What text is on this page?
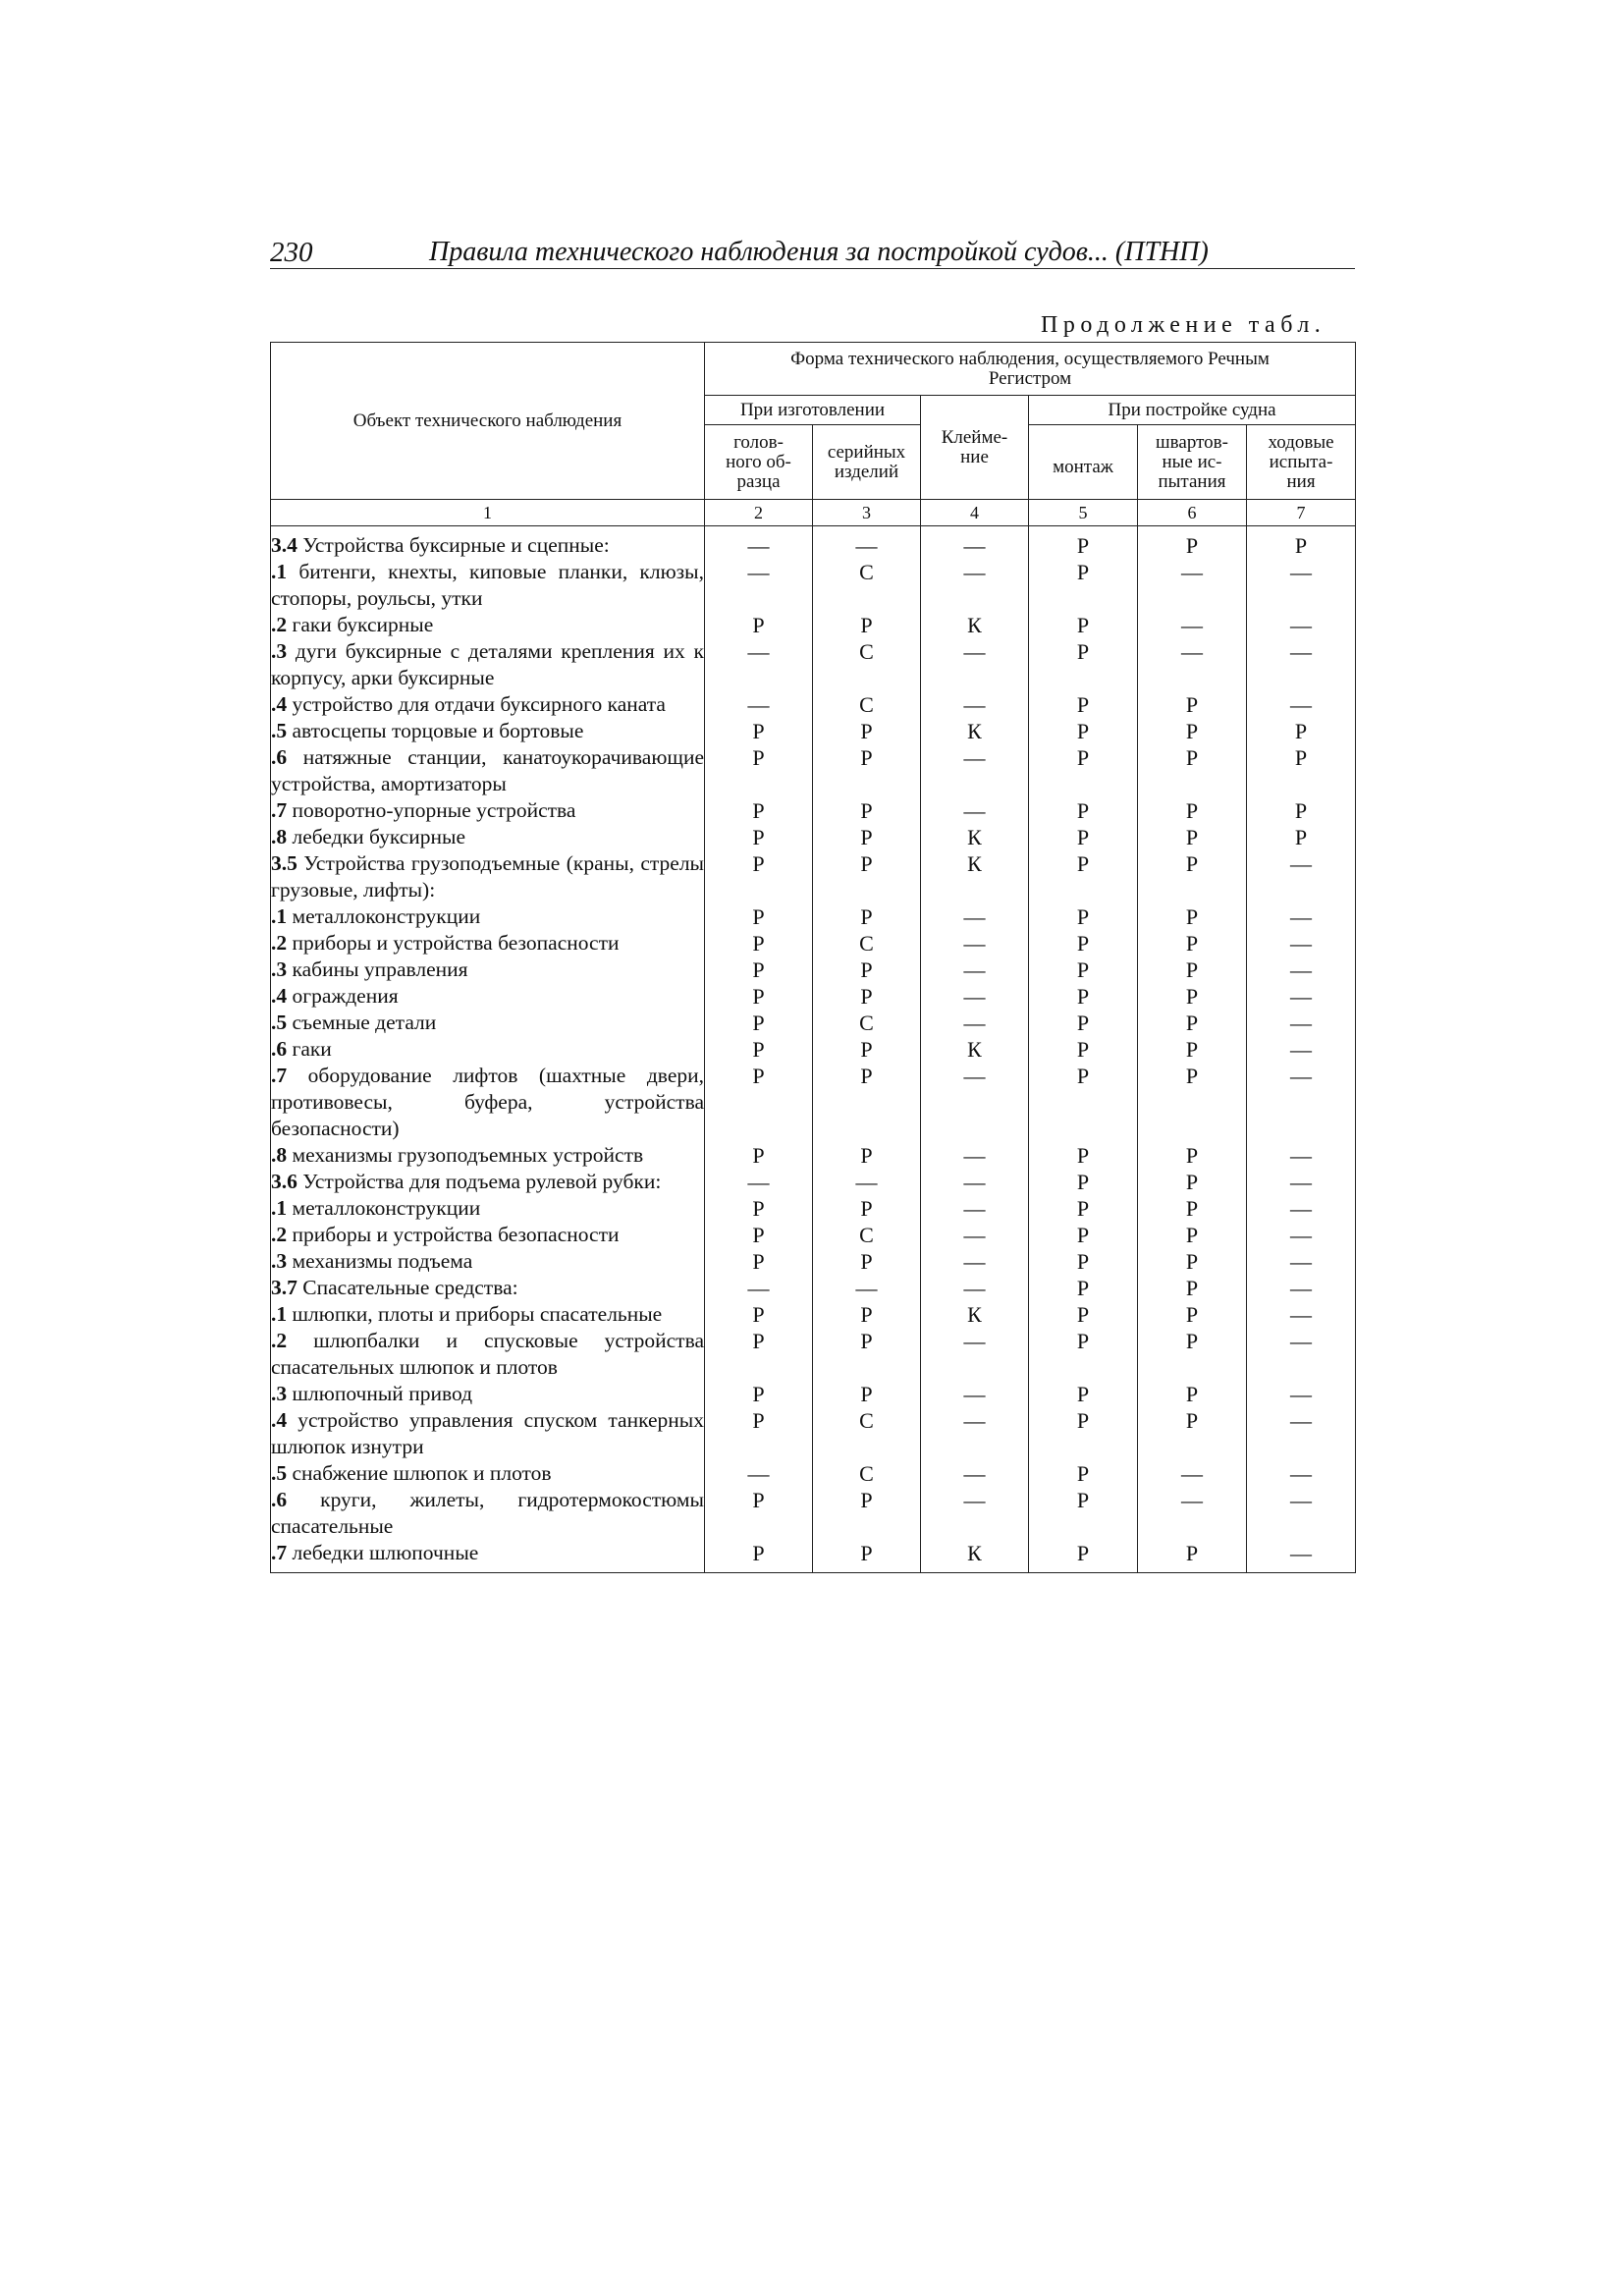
230	Правила технического наблюдения за постройкой судов... (ПТНП)
Продолжение табл.
Объект технического наблюдения	Форма технического наблюдения, осуществляемого Речным Регистром					
	При изготовлении		Клейме-ние	При постройке судна		
	голов-ного об-разца	серийных изделий		монтаж	швартов-ные ис-пытания	ходовые испыта-ния
1	2	3	4	5	6	7
3.4 Устройства буксирные и сцепные:	—	—	—	Р	Р	Р
.1 битенги, кнехты, киповые планки, клюзы, стопоры, роульсы, утки	—	С	—	Р	—	—
.2 гаки буксирные	Р	Р	К	Р	—	—
.3 дуги буксирные с деталями крепления их к корпусу, арки буксирные	—	С	—	Р	—	—
.4 устройство для отдачи буксирного каната	—	С	—	Р	Р	—
.5 автосцепы торцовые и бортовые	Р	Р	К	Р	Р	Р
.6 натяжные станции, канатоукорачивающие устройства, амортизаторы	Р	Р	—	Р	Р	Р
.7 поворотно-упорные устройства	Р	Р	—	Р	Р	Р
.8 лебедки буксирные	Р	Р	К	Р	Р	Р
3.5 Устройства грузоподъемные (краны, стрелы грузовые, лифты):	Р	Р	К	Р	Р	—
.1 металлоконструкции	Р	Р	—	Р	Р	—
.2 приборы и устройства безопасности	Р	С	—	Р	Р	—
.3 кабины управления	Р	Р	—	Р	Р	—
.4 ограждения	Р	Р	—	Р	Р	—
.5 съемные детали	Р	С	—	Р	Р	—
.6 гаки	Р	Р	К	Р	Р	—
.7 оборудование лифтов (шахтные двери, противовесы, буфера, устройства безопасности)	Р	Р	—	Р	Р	—
.8 механизмы грузоподъемных устройств	Р	Р	—	Р	Р	—
3.6 Устройства для подъема рулевой рубки:	—	—	—	Р	Р	—
.1 металлоконструкции	Р	Р	—	Р	Р	—
.2 приборы и устройства безопасности	Р	С	—	Р	Р	—
.3 механизмы подъема	Р	Р	—	Р	Р	—
3.7 Спасательные средства:	—	—	—	Р	Р	—
.1 шлюпки, плоты и приборы спасательные	Р	Р	К	Р	Р	—
.2 шлюпбалки и спусковые устройства спасательных шлюпок и плотов	Р	Р	—	Р	Р	—
.3 шлюпочный привод	Р	Р	—	Р	Р	—
.4 устройство управления спуском танкерных шлюпок изнутри	Р	С	—	Р	Р	—
.5 снабжение шлюпок и плотов	—	С	—	Р	—	—
.6 круги, жилеты, гидротермокостюмы спасательные	Р	Р	—	Р	—	—
.7 лебедки шлюпочные	Р	Р	К	Р	Р	—
